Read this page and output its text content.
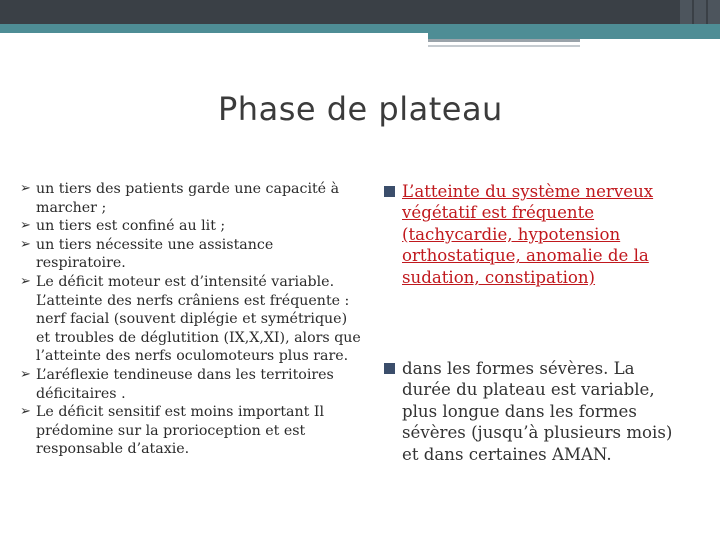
Phase de plateau
➢ un tiers des patients garde une capacité à marcher ;
➢ un tiers est confiné au lit ;
➢ un tiers nécessite une assistance respiratoire.
➢ Le déficit moteur est d’intensité variable. L’atteinte des nerfs crâniens est fréquente : nerf facial (souvent diplégie et symétrique) et troubles de déglutition (IX,X,XI), alors que l’atteinte des nerfs oculomoteurs plus rare.
➢ L’aréflexie tendineuse dans les territoires déficitaires .
➢ Le déficit sensitif est moins important Il prédomine sur la prorioception et est responsable d’ataxie.
L’atteinte du système nerveux végétatif est fréquente (tachycardie, hypotension orthostatique, anomalie de la sudation, constipation)
dans les formes sévères. La durée du plateau est variable, plus longue dans les formes sévères (jusqu’à plusieurs mois) et dans certaines AMAN.
